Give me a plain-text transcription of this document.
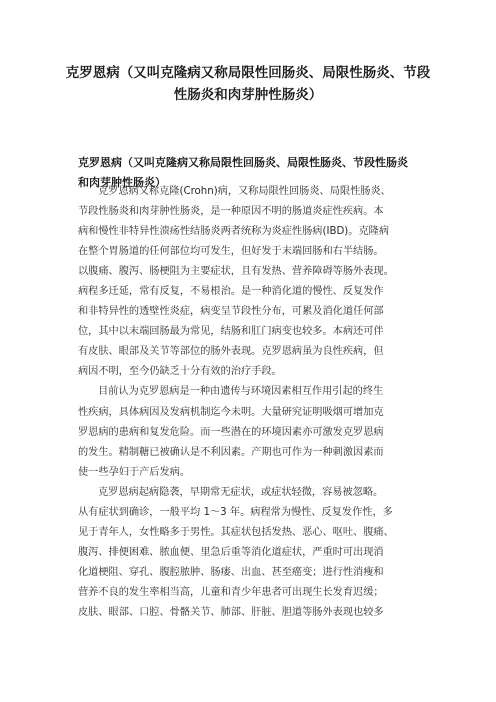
克罗恩病（又叫克隆病又称局限性回肠炎、局限性肠炎、节段
性肠炎和肉芽肿性肠炎）
克罗恩病（又叫克隆病又称局限性回肠炎、局限性肠炎、节段性肠炎
和肉芽肿性肠炎）
克罗恩病又称克隆(Crohn)病，又称局限性回肠炎、局限性肠炎、
节段性肠炎和肉芽肿性肠炎，是一种原因不明的肠道炎症性疾病。本
病和慢性非特异性溃疡性结肠炎两者统称为炎症性肠病(IBD)。克隆病
在整个胃肠道的任何部位均可发生，但好发于末端回肠和右半结肠。
以腹痛、腹泻、肠梗阻为主要症状，且有发热、营养障碍等肠外表现。
病程多迁延，常有反复，不易根治。是一种消化道的慢性、反复发作
和非特异性的透壁性炎症，病变呈节段性分布，可累及消化道任何部
位，其中以末端回肠最为常见，结肠和肛门病变也较多。本病还可伴
有皮肤、眼部及关节等部位的肠外表现。克罗恩病虽为良性疾病，但
病因不明，至今仍缺乏十分有效的治疗手段。
目前认为克罗恩病是一种由遗传与环境因素相互作用引起的终生
性疾病，具体病因及发病机制迄今未明。大量研究证明吸烟可增加克
罗恩病的患病和复发危险。而一些潜在的环境因素亦可激发克罗恩病
的发生。精制糖已被确认是不利因素。产期也可作为一种刺激因素而
使一些孕妇于产后发病。
克罗恩病起病隐袭，早期常无症状，或症状轻微，容易被忽略。
从有症状到确诊，一般平均 1～3 年。病程常为慢性、反复发作性，多
见于青年人，女性略多于男性。其症状包括发热、恶心、呕吐、腹痛、
腹泻、排便困难、脓血便、里急后重等消化道症状，严重时可出现消
化道梗阻、穿孔、腹腔脓肿、肠瘘、出血、甚至癌变；进行性消瘦和
营养不良的发生率相当高，儿童和青少年患者可出现生长发育迟缓；
皮肤、眼部、口腔、骨骼关节、肺部、肝脏、胆道等肠外表现也较多
